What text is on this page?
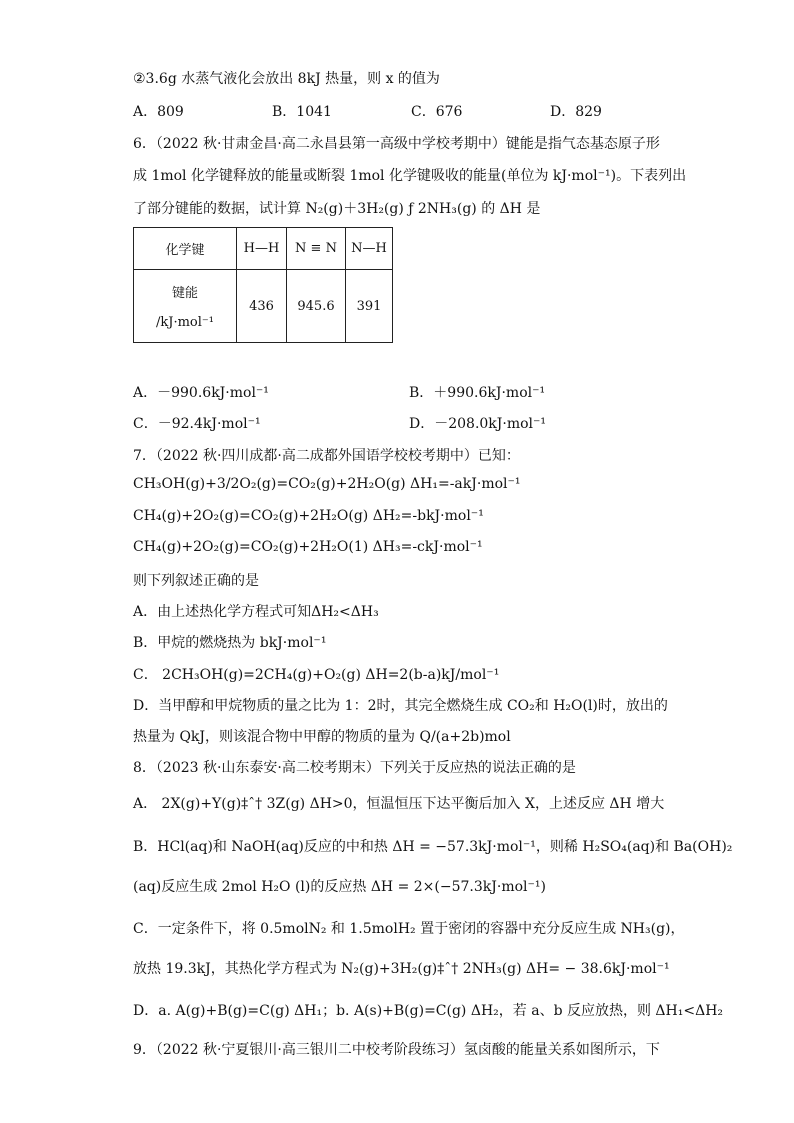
②3.6g 水蒸气液化会放出 8kJ 热量，则 x 的值为
A．809	B．1041	C．676	D．829
6．（2022 秋·甘肃金昌·高二永昌县第一高级中学校考期中）键能是指气态基态原子形
成 1mol 化学键释放的能量或断裂 1mol 化学键吸收的能量(单位为 kJ·mol⁻¹)。下表列出
了部分键能的数据，试计算 N₂(g)＋3H₂(g) ƒ 2NH₃(g) 的 ΔH 是
化学键	H—H	N ≡ N	N—H

键能
/kJ·mol⁻¹	436	945.6	391
A．－990.6kJ·mol⁻¹	B．＋990.6kJ·mol⁻¹
C．－92.4kJ·mol⁻¹	D．－208.0kJ·mol⁻¹
7．（2022 秋·四川成都·高二成都外国语学校校考期中）已知：
CH₃OH(g)+3/2O₂(g)=CO₂(g)+2H₂O(g) ΔH₁=-akJ·mol⁻¹
CH₄(g)+2O₂(g)=CO₂(g)+2H₂O(g) ΔH₂=-bkJ·mol⁻¹
CH₄(g)+2O₂(g)=CO₂(g)+2H₂O(1) ΔH₃=-ckJ·mol⁻¹
则下列叙述正确的是
A．由上述热化学方程式可知ΔH₂<ΔH₃
B．甲烷的燃烧热为 bkJ·mol⁻¹
C． 2CH₃OH(g)=2CH₄(g)+O₂(g) ΔH=2(b-a)kJ/mol⁻¹
D．当甲醇和甲烷物质的量之比为 1：2时，其完全燃烧生成 CO₂和 H₂O(l)时，放出的
热量为 QkJ，则该混合物中甲醇的物质的量为 Q/(a+2b)mol
8．（2023 秋·山东泰安·高二校考期末）下列关于反应热的说法正确的是
A． 2X(g)+Y(g)‡ˆ† 3Z(g) ΔH>0，恒温恒压下达平衡后加入 X，上述反应 ΔH 增大
B．HCl(aq)和 NaOH(aq)反应的中和热 ΔH = −57.3kJ·mol⁻¹，则稀 H₂SO₄(aq)和 Ba(OH)₂
(aq)反应生成 2mol H₂O (l)的反应热 ΔH = 2×(−57.3kJ·mol⁻¹)
C．一定条件下，将 0.5molN₂ 和 1.5molH₂ 置于密闭的容器中充分反应生成 NH₃(g)，
放热 19.3kJ，其热化学方程式为 N₂(g)+3H₂(g)‡ˆ† 2NH₃(g) ΔH= − 38.6kJ·mol⁻¹
D．a. A(g)+B(g)=C(g) ΔH₁；b. A(s)+B(g)=C(g) ΔH₂，若 a、b 反应放热，则 ΔH₁<ΔH₂
9．（2022 秋·宁夏银川·高三银川二中校考阶段练习）氢卤酸的能量关系如图所示，下
